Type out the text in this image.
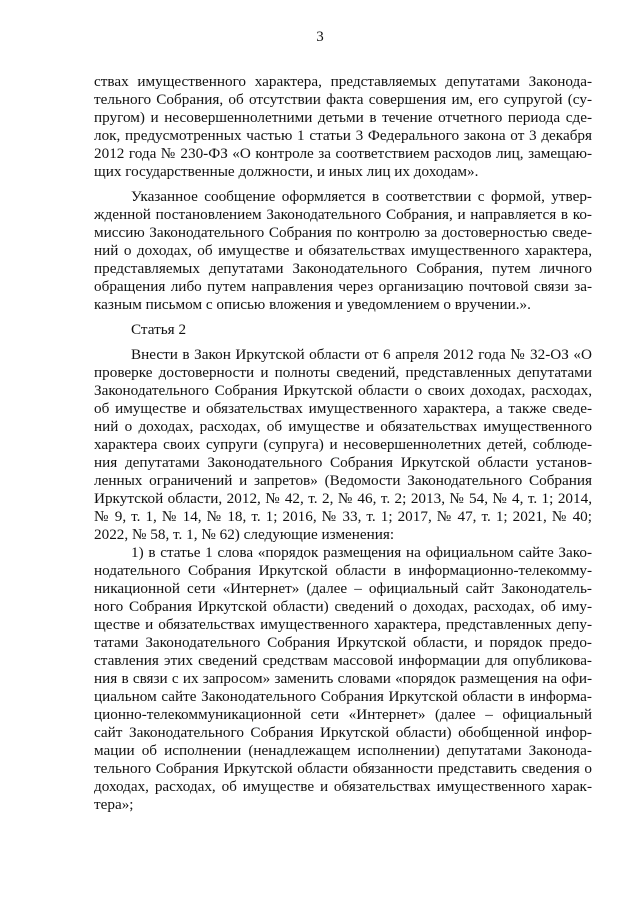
3
ствах имущественного характера, представляемых депутатами Законода-
тельного Собрания, об отсутствии факта совершения им, его супругой (су-
пругом) и несовершеннолетними детьми в течение отчетного периода сде-
лок, предусмотренных частью 1 статьи 3 Федерального закона от 3 декабря
2012 года № 230-ФЗ «О контроле за соответствием расходов лиц, замещаю-
щих государственные должности, и иных лиц их доходам».
Указанное сообщение оформляется в соответствии с формой, утвер-
жденной постановлением Законодательного Собрания, и направляется в ко-
миссию Законодательного Собрания по контролю за достоверностью сведе-
ний о доходах, об имуществе и обязательствах имущественного характера,
представляемых депутатами Законодательного Собрания, путем личного
обращения либо путем направления через организацию почтовой связи за-
казным письмом с описью вложения и уведомлением о вручении.».
Статья 2
Внести в Закон Иркутской области от 6 апреля 2012 года № 32-ОЗ «О
проверке достоверности и полноты сведений, представленных депутатами
Законодательного Собрания Иркутской области о своих доходах, расходах,
об имуществе и обязательствах имущественного характера, а также сведе-
ний о доходах, расходах, об имуществе и обязательствах имущественного
характера своих супруги (супруга) и несовершеннолетних детей, соблюде-
ния депутатами Законодательного Собрания Иркутской области установ-
ленных ограничений и запретов» (Ведомости Законодательного Собрания
Иркутской области, 2012, № 42, т. 2, № 46, т. 2; 2013, № 54, № 4, т. 1; 2014,
№ 9, т. 1, № 14, № 18, т. 1; 2016, № 33, т. 1; 2017, № 47, т. 1; 2021, № 40;
2022, № 58, т. 1, № 62) следующие изменения:
1) в статье 1 слова «порядок размещения на официальном сайте Зако-
нодательного Собрания Иркутской области в информационно-телекомму-
никационной сети «Интернет» (далее – официальный сайт Законодатель-
ного Собрания Иркутской области) сведений о доходах, расходах, об иму-
ществе и обязательствах имущественного характера, представленных депу-
татами Законодательного Собрания Иркутской области, и порядок предо-
ставления этих сведений средствам массовой информации для опубликова-
ния в связи с их запросом» заменить словами «порядок размещения на офи-
циальном сайте Законодательного Собрания Иркутской области в информа-
ционно-телекоммуникационной сети «Интернет» (далее – официальный
сайт Законодательного Собрания Иркутской области) обобщенной инфор-
мации об исполнении (ненадлежащем исполнении) депутатами Законода-
тельного Собрания Иркутской области обязанности представить сведения о
доходах, расходах, об имуществе и обязательствах имущественного харак-
тера»;
